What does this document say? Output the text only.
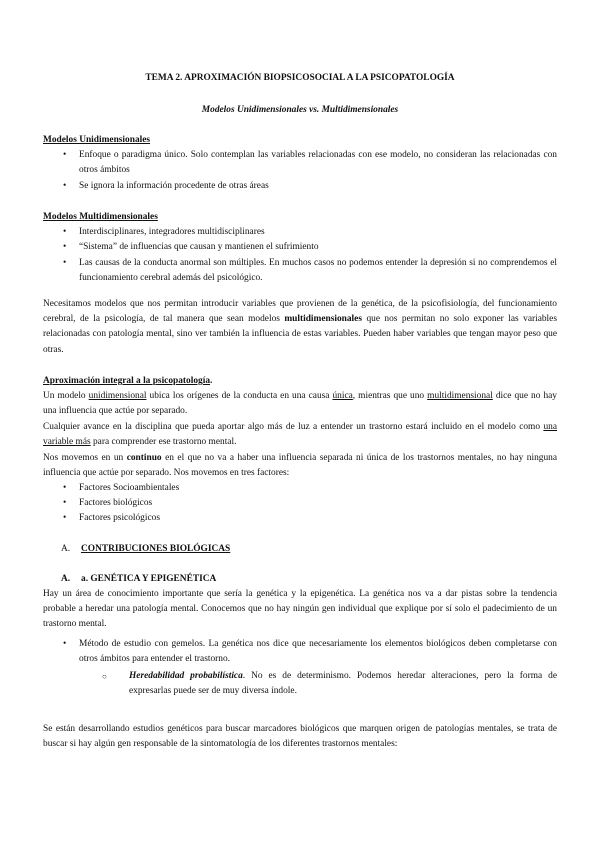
TEMA 2. APROXIMACIÓN BIOPSICOSOCIAL A LA PSICOPATOLOGÍA
Modelos Unidimensionales vs. Multidimensionales
Modelos Unidimensionales
•	Enfoque o paradigma único. Solo contemplan las variables relacionadas con ese modelo, no consideran las relacionadas con otros ámbitos
•	Se ignora la información procedente de otras áreas
Modelos Multidimensionales
•	Interdisciplinares, integradores multidisciplinares
•	“Sistema” de influencias que causan y mantienen el sufrimiento
•	Las causas de la conducta anormal son múltiples. En muchos casos no podemos entender la depresión si no comprendemos el funcionamiento cerebral además del psicológico.

Necesitamos modelos que nos permitan introducir variables que provienen de la genética, de la psicofisiología, del funcionamiento cerebral, de la psicología, de tal manera que sean modelos multidimensionales que nos permitan no solo exponer las variables relacionadas con patología mental, sino ver también la influencia de estas variables. Pueden haber variables que tengan mayor peso que otras.

Aproximación integral a la psicopatología.

Un modelo unidimensional ubica los orígenes de la conducta en una causa única, mientras que uno multidimensional dice que no hay una influencia que actúe por separado.

Cualquier avance en la disciplina que pueda aportar algo más de luz a entender un trastorno estará incluido en el modelo como una variable más para comprender ese trastorno mental.

Nos movemos en un continuo en el que no va a haber una influencia separada ni única de los trastornos mentales, no hay ninguna influencia que actúe por separado. Nos movemos en tres factores:

•	Factores Socioambientales
•	Factores biológicos
•	Factores psicológicos
A. CONTRIBUCIONES BIOLÓGICAS
A. a. GENÉTICA Y EPIGENÉTICA

Hay un área de conocimiento importante que sería la genética y la epigenética. La genética nos va a dar pistas sobre la tendencia probable a heredar una patología mental. Conocemos que no hay ningún gen individual que explique por sí solo el padecimiento de un trastorno mental.

•	Método de estudio con gemelos. La genética nos dice que necesariamente los elementos biológicos deben completarse con otros ámbitos para entender el trastorno.
○	Heredabilidad probabilística. No es de determinismo. Podemos heredar alteraciones, pero la forma de expresarlas puede ser de muy diversa índole.

Se están desarrollando estudios genéticos para buscar marcadores biológicos que marquen origen de patologías mentales, se trata de buscar si hay algún gen responsable de la sintomatología de los diferentes trastornos mentales:
